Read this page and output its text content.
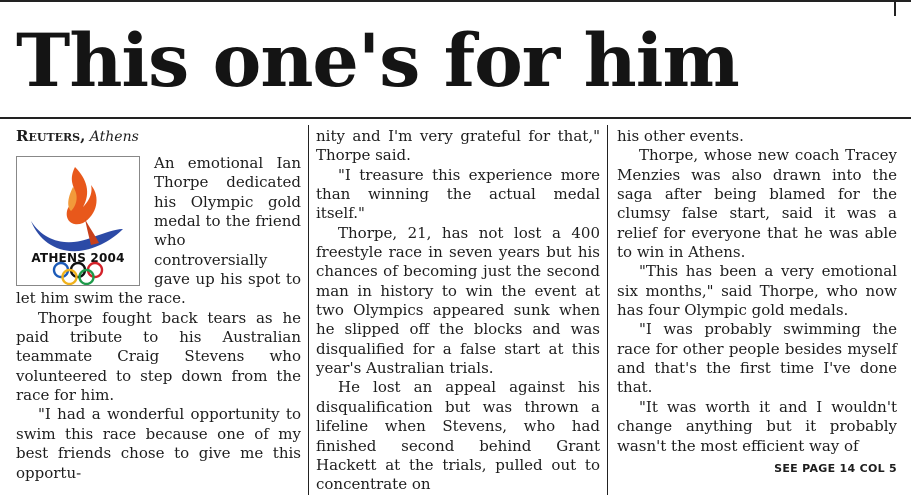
This one's for him
Reuters, Athens
ATHENS 2004

An emotional Ian Thorpe dedicated his Olympic gold medal to the friend who controversially gave up his spot to let him swim the race.

Thorpe fought back tears as he paid tribute to his Australian teammate Craig Stevens who volunteered to step down from the race for him.

"I had a wonderful opportunity to swim this race because one of my best friends chose to give me this opportu-

nity and I'm very grateful for that," Thorpe said.

"I treasure this experience more than winning the actual medal itself."

Thorpe, 21, has not lost a 400 freestyle race in seven years but his chances of becoming just the second man in history to win the event at two Olympics appeared sunk when he slipped off the blocks and was disqualified for a false start at this year's Australian trials.

He lost an appeal against his disqualification but was thrown a lifeline when Stevens, who had finished second behind Grant Hackett at the trials, pulled out to concentrate on

his other events.

Thorpe, whose new coach Tracey Menzies was also drawn into the saga after being blamed for the clumsy false start, said it was a relief for everyone that he was able to win in Athens.

"This has been a very emotional six months," said Thorpe, who now has four Olympic gold medals.

"I was probably swimming the race for other people besides myself and that's the first time I've done that.

"It was worth it and I wouldn't change anything but it probably wasn't the most efficient way of

SEE PAGE 14 COL 5
